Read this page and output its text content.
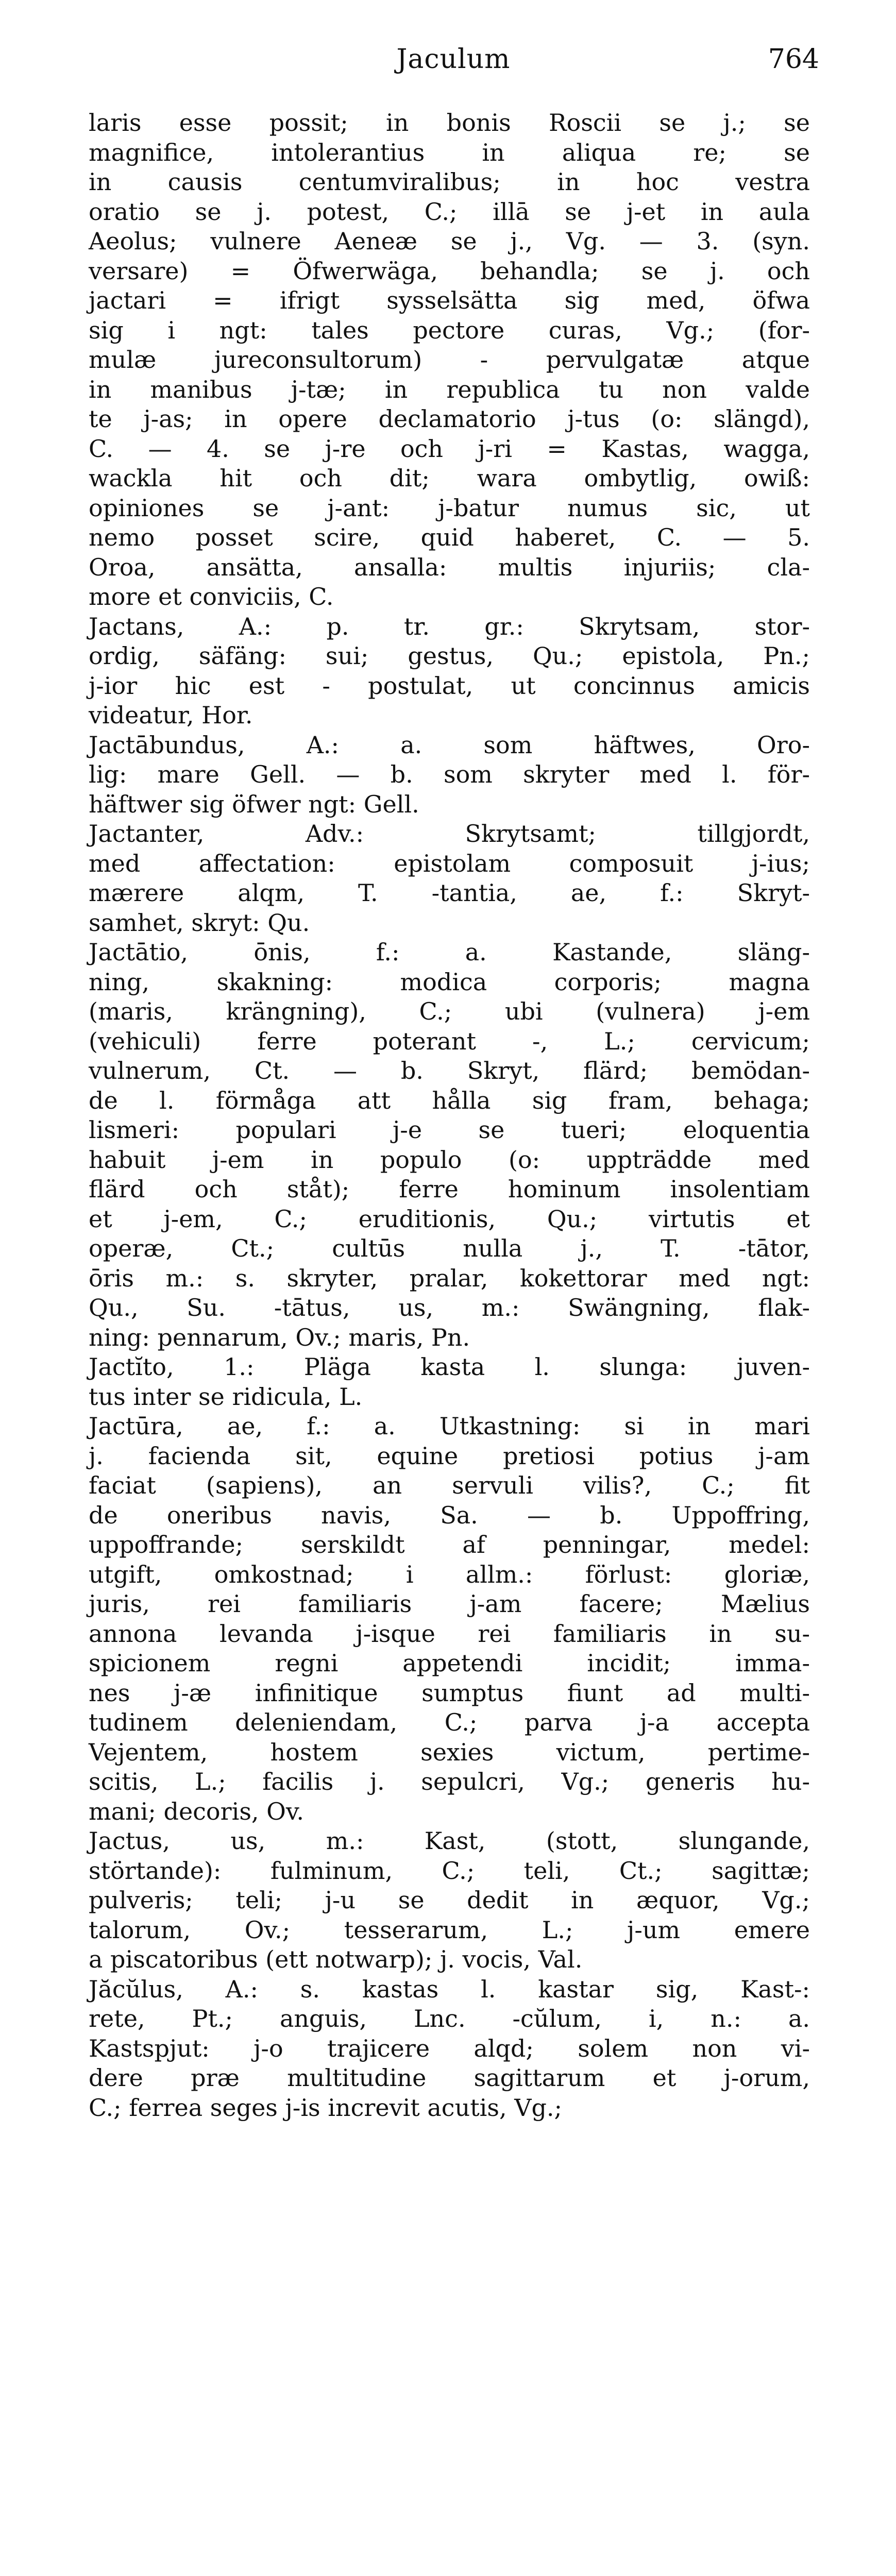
Jaculum	764
laris esse possit; in bonis Roscii se j.; se
magnifice, intolerantius in aliqua re; se
in causis centumviralibus; in hoc vestra
oratio se j. potest, C.; illā se j-et in aula
Aeolus; vulnere Aeneæ se j., Vg. — 3. (syn.
versare) = Öfwerwäga, behandla; se j. och
jactari = ifrigt sysselsätta sig med, öfwa
sig i ngt: tales pectore curas, Vg.; (for-
mulæ jureconsultorum) - pervulgatæ atque
in manibus j-tæ; in republica tu non valde
te j-as; in opere declamatorio j-tus (o: slängd),
C. — 4. se j-re och j-ri = Kastas, wagga,
wackla hit och dit; wara ombytlig, owiß:
opiniones se j-ant: j-batur numus sic, ut
nemo posset scire, quid haberet, C. — 5.
Oroa, ansätta, ansalla: multis injuriis; cla-
more et conviciis, C.
Jactans, A.: p. tr. gr.: Skrytsam, stor-
ordig, säfäng: sui; gestus, Qu.; epistola, Pn.;
j-ior hic est - postulat, ut concinnus amicis
videatur, Hor.
Jactābundus, A.: a. som häftwes, Oro-
lig: mare Gell. — b. som skryter med l. för-
häftwer sig öfwer ngt: Gell.
Jactanter, Adv.: Skrytsamt; tillgjordt,
med affectation: epistolam composuit j-ius;
mærere alqm, T. -tantia, ae, f.: Skryt-
samhet, skryt: Qu.
Jactātio, ōnis, f.: a. Kastande, släng-
ning, skakning: modica corporis; magna
(maris, krängning), C.; ubi (vulnera) j-em
(vehiculi) ferre poterant -, L.; cervicum;
vulnerum, Ct. — b. Skryt, flärd; bemödan-
de l. förmåga att hålla sig fram, behaga;
lismeri: populari j-e se tueri; eloquentia
habuit j-em in populo (o: uppträdde med
flärd och ståt); ferre hominum insolentiam
et j-em, C.; eruditionis, Qu.; virtutis et
operæ, Ct.; cultūs nulla j., T. -tātor,
ōris m.: s. skryter, pralar, kokettorar med ngt:
Qu., Su. -tātus, us, m.: Swängning, flak-
ning: pennarum, Ov.; maris, Pn.
Jactĭto, 1.: Pläga kasta l. slunga: juven-
tus inter se ridicula, L.
Jactūra, ae, f.: a. Utkastning: si in mari
j. facienda sit, equine pretiosi potius j-am
faciat (sapiens), an servuli vilis?, C.; fit
de oneribus navis, Sa. — b. Uppoffring,
uppoffrande; serskildt af penningar, medel:
utgift, omkostnad; i allm.: förlust: gloriæ,
juris, rei familiaris j-am facere; Mælius
annona levanda j-isque rei familiaris in su-
spicionem regni appetendi incidit; imma-
nes j-æ infinitique sumptus fiunt ad multi-
tudinem deleniendam, C.; parva j-a accepta
Vejentem, hostem sexies victum, pertime-
scitis, L.; facilis j. sepulcri, Vg.; generis hu-
mani; decoris, Ov.
Jactus, us, m.: Kast, (stott, slungande,
störtande): fulminum, C.; teli, Ct.; sagittæ;
pulveris; teli; j-u se dedit in æquor, Vg.;
talorum, Ov.; tesserarum, L.; j-um emere
a piscatoribus (ett notwarp); j. vocis, Val.
Jăcŭlus, A.: s. kastas l. kastar sig, Kast-:
rete, Pt.; anguis, Lnc. -cŭlum, i, n.: a.
Kastspjut: j-o trajicere alqd; solem non vi-
dere præ multitudine sagittarum et j-orum,
C.; ferrea seges j-is increvit acutis, Vg.;
